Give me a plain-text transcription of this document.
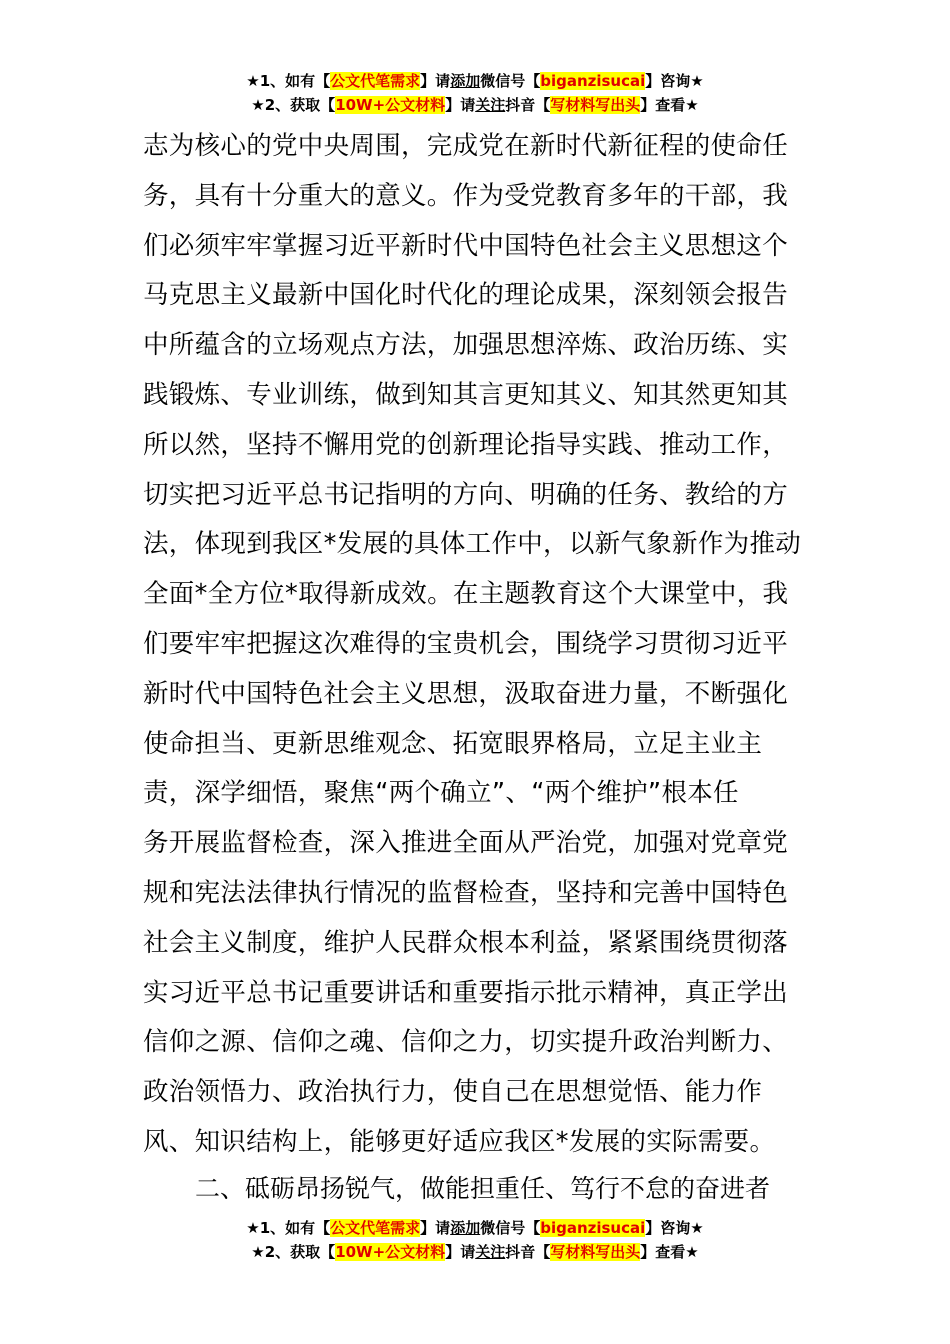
★1、如有【公文代笔需求】请添加微信号【biganzisucai】咨询★
★2、获取【10W+公文材料】请关注抖音【写材料写出头】查看★
志为核心的党中央周围，完成党在新时代新征程的使命任
务，具有十分重大的意义。作为受党教育多年的干部，我
们必须牢牢掌握习近平新时代中国特色社会主义思想这个
马克思主义最新中国化时代化的理论成果，深刻领会报告
中所蕴含的立场观点方法，加强思想淬炼、政治历练、实
践锻炼、专业训练，做到知其言更知其义、知其然更知其
所以然，坚持不懈用党的创新理论指导实践、推动工作，
切实把习近平总书记指明的方向、明确的任务、教给的方
法，体现到我区*发展的具体工作中，以新气象新作为推动
全面*全方位*取得新成效。在主题教育这个大课堂中，我
们要牢牢把握这次难得的宝贵机会，围绕学习贯彻习近平
新时代中国特色社会主义思想，汲取奋进力量，不断强化
使命担当、更新思维观念、拓宽眼界格局，立足主业主
责，深学细悟，聚焦“两个确立”、“两个维护”根本任
务开展监督检查，深入推进全面从严治党，加强对党章党
规和宪法法律执行情况的监督检查，坚持和完善中国特色
社会主义制度，维护人民群众根本利益，紧紧围绕贯彻落
实习近平总书记重要讲话和重要指示批示精神，真正学出
信仰之源、信仰之魂、信仰之力，切实提升政治判断力、
政治领悟力、政治执行力，使自己在思想觉悟、能力作
风、知识结构上，能够更好适应我区*发展的实际需要。
二、砥砺昂扬锐气，做能担重任、笃行不怠的奋进者
★1、如有【公文代笔需求】请添加微信号【biganzisucai】咨询★
★2、获取【10W+公文材料】请关注抖音【写材料写出头】查看★
